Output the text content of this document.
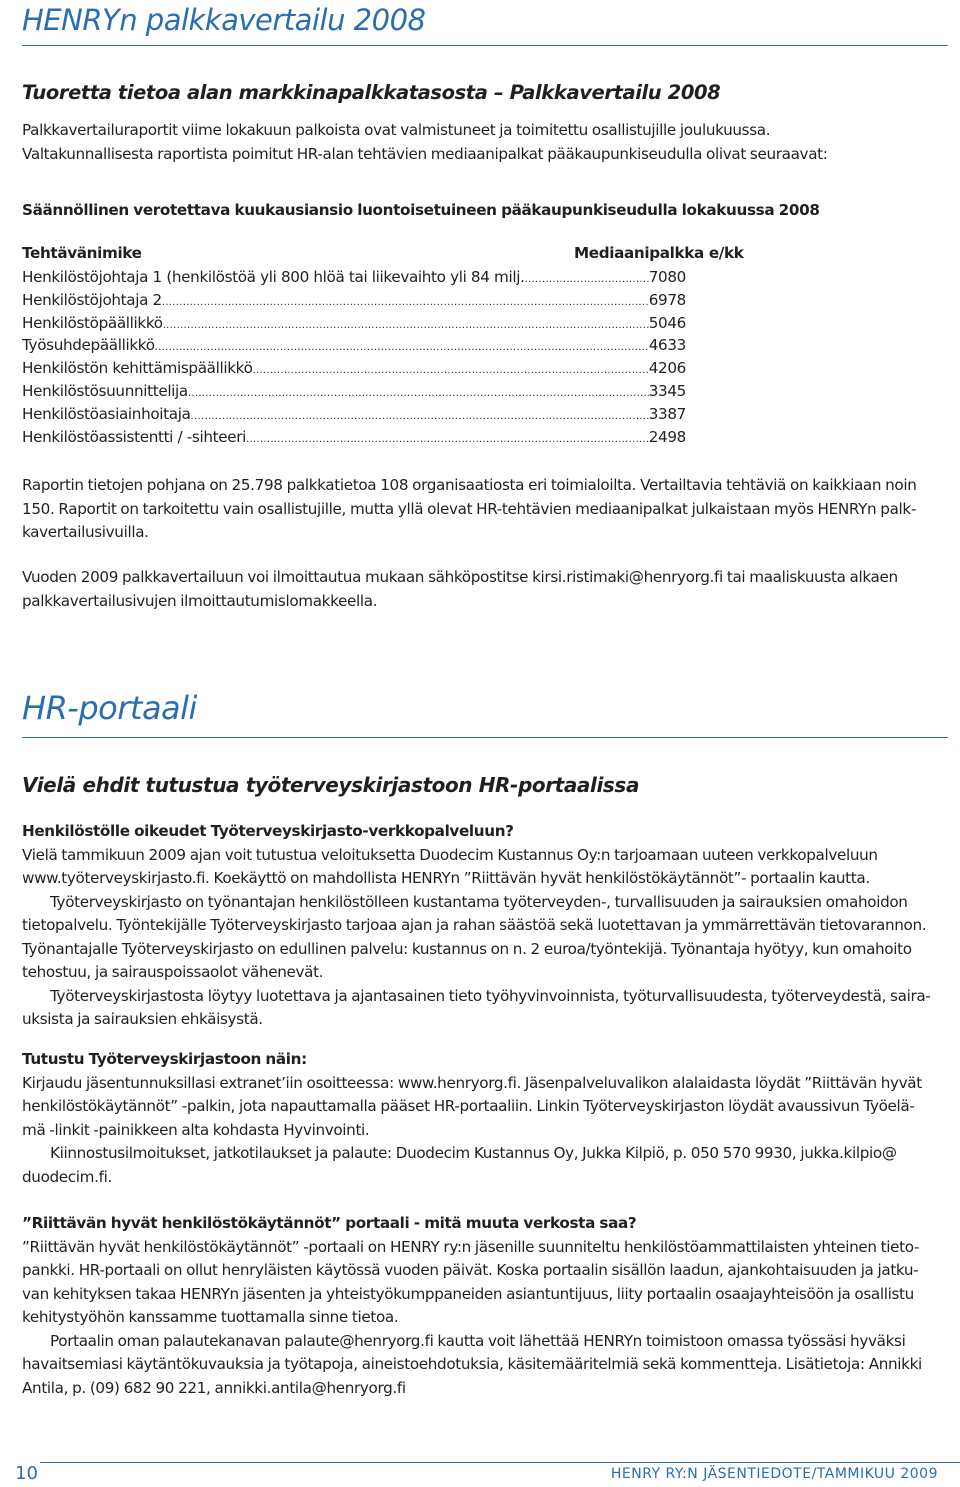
HENRYn palkkavertailu 2008
Tuoretta tietoa alan markkinapalkkatasosta – Palkkavertailu 2008

Palkkavertailuraportit viime lokakuun palkoista ovat valmistuneet ja toimitettu osallistujille joulukuussa.

Valtakunnallisesta raportista poimitut HR-alan tehtävien mediaanipalkat pääkaupunkiseudulla olivat seuraavat:

Säännöllinen verotettava kuukausiansio luontoisetuineen pääkaupunkiseudulla lokakuussa 2008

Tehtävänimike	Mediaanipalkka e/kk
Henkilöstöjohtaja 1 (henkilöstöä yli 800 hlöä tai liikevaihto yli 84 milj. .....	7080
Henkilöstöjohtaja 2 .....	6978
Henkilöstöpäällikkö .....	5046
Työsuhdepäällikkö .....	4633
Henkilöstön kehittämispäällikkö .....	4206
Henkilöstösuunnittelija .....	3345
Henkilöstöasiainhoitaja .....	3387
Henkilöstöassistentti / -sihteeri .....	2498

Raportin tietojen pohjana on 25.798 palkkatietoa 108 organisaatiosta eri toimialoilta. Vertailtavia tehtäviä on kaikkiaan noin

150. Raportit on tarkoitettu vain osallistujille, mutta yllä olevat HR-tehtävien mediaanipalkat julkaistaan myös HENRYn palk-

kavertailusivuilla.

Vuoden 2009 palkkavertailuun voi ilmoittautua mukaan sähköpostitse kirsi.ristimaki@henryorg.fi tai maaliskuusta alkaen

palkkavertailusivujen ilmoittautumislomakkeella.

HR-portaali
Vielä ehdit tutustua työterveyskirjastoon HR-portaalissa

Henkilöstölle oikeudet Työterveyskirjasto-verkkopalveluun?

Vielä tammikuun 2009 ajan voit tutustua veloituksetta Duodecim Kustannus Oy:n tarjoamaan uuteen verkkopalveluun

www.työterveyskirjasto.fi. Koekäyttö on mahdollista HENRYn ”Riittävän hyvät henkilöstökäytännöt”- portaalin kautta.

Työterveyskirjasto on työnantajan henkilöstölleen kustantama työterveyden-, turvallisuuden ja sairauksien omahoidon

tietopalvelu. Työntekijälle Työterveyskirjasto tarjoaa ajan ja rahan säästöä sekä luotettavan ja ymmärrettävän tietovarannon.

Työnantajalle Työterveyskirjasto on edullinen palvelu: kustannus on n. 2 euroa/työntekijä. Työnantaja hyötyy, kun omahoito

tehostuu, ja sairauspoissaolot vähenevät.

Työterveyskirjastosta löytyy luotettava ja ajantasainen tieto työhyvinvoinnista, työturvallisuudesta, työterveydestä, saira-

uksista ja sairauksien ehkäisystä.

Tutustu Työterveyskirjastoon näin:

Kirjaudu jäsentunnuksillasi extranet’iin osoitteessa: www.henryorg.fi. Jäsenpalveluvalikon alalaidasta löydät ”Riittävän hyvät

henkilöstökäytännöt” -palkin, jota napauttamalla pääset HR-portaaliin. Linkin Työterveyskirjaston löydät avaussivun Työelä-

mä -linkit -painikkeen alta kohdasta Hyvinvointi.

Kiinnostusilmoitukset, jatkotilaukset ja palaute: Duodecim Kustannus Oy, Jukka Kilpiö, p. 050 570 9930, jukka.kilpio@

duodecim.fi.

”Riittävän hyvät henkilöstökäytännöt” portaali - mitä muuta verkosta saa?

”Riittävän hyvät henkilöstökäytännöt” -portaali on HENRY ry:n jäsenille suunniteltu henkilöstöammattilaisten yhteinen tieto-

pankki. HR-portaali on ollut henryläisten käytössä vuoden päivät. Koska portaalin sisällön laadun, ajankohtaisuuden ja jatku-

van kehityksen takaa HENRYn jäsenten ja yhteistyökumppaneiden asiantuntijuus, liity portaalin osaajayhteisöön ja osallistu

kehitystyöhön kanssamme tuottamalla sinne tietoa.

Portaalin oman palautekanavan palaute@henryorg.fi kautta voit lähettää HENRYn toimistoon omassa työssäsi hyväksi

havaitsemiasi käytäntökuvauksia ja työtapoja, aineistoehdotuksia, käsitemääritelmiä sekä kommentteja. Lisätietoja: Annikki

Antila, p. (09) 682 90 221, annikki.antila@henryorg.fi

10	HENRY RY:N JÄSENTIEDOTE/TAMMIKUU 2009
